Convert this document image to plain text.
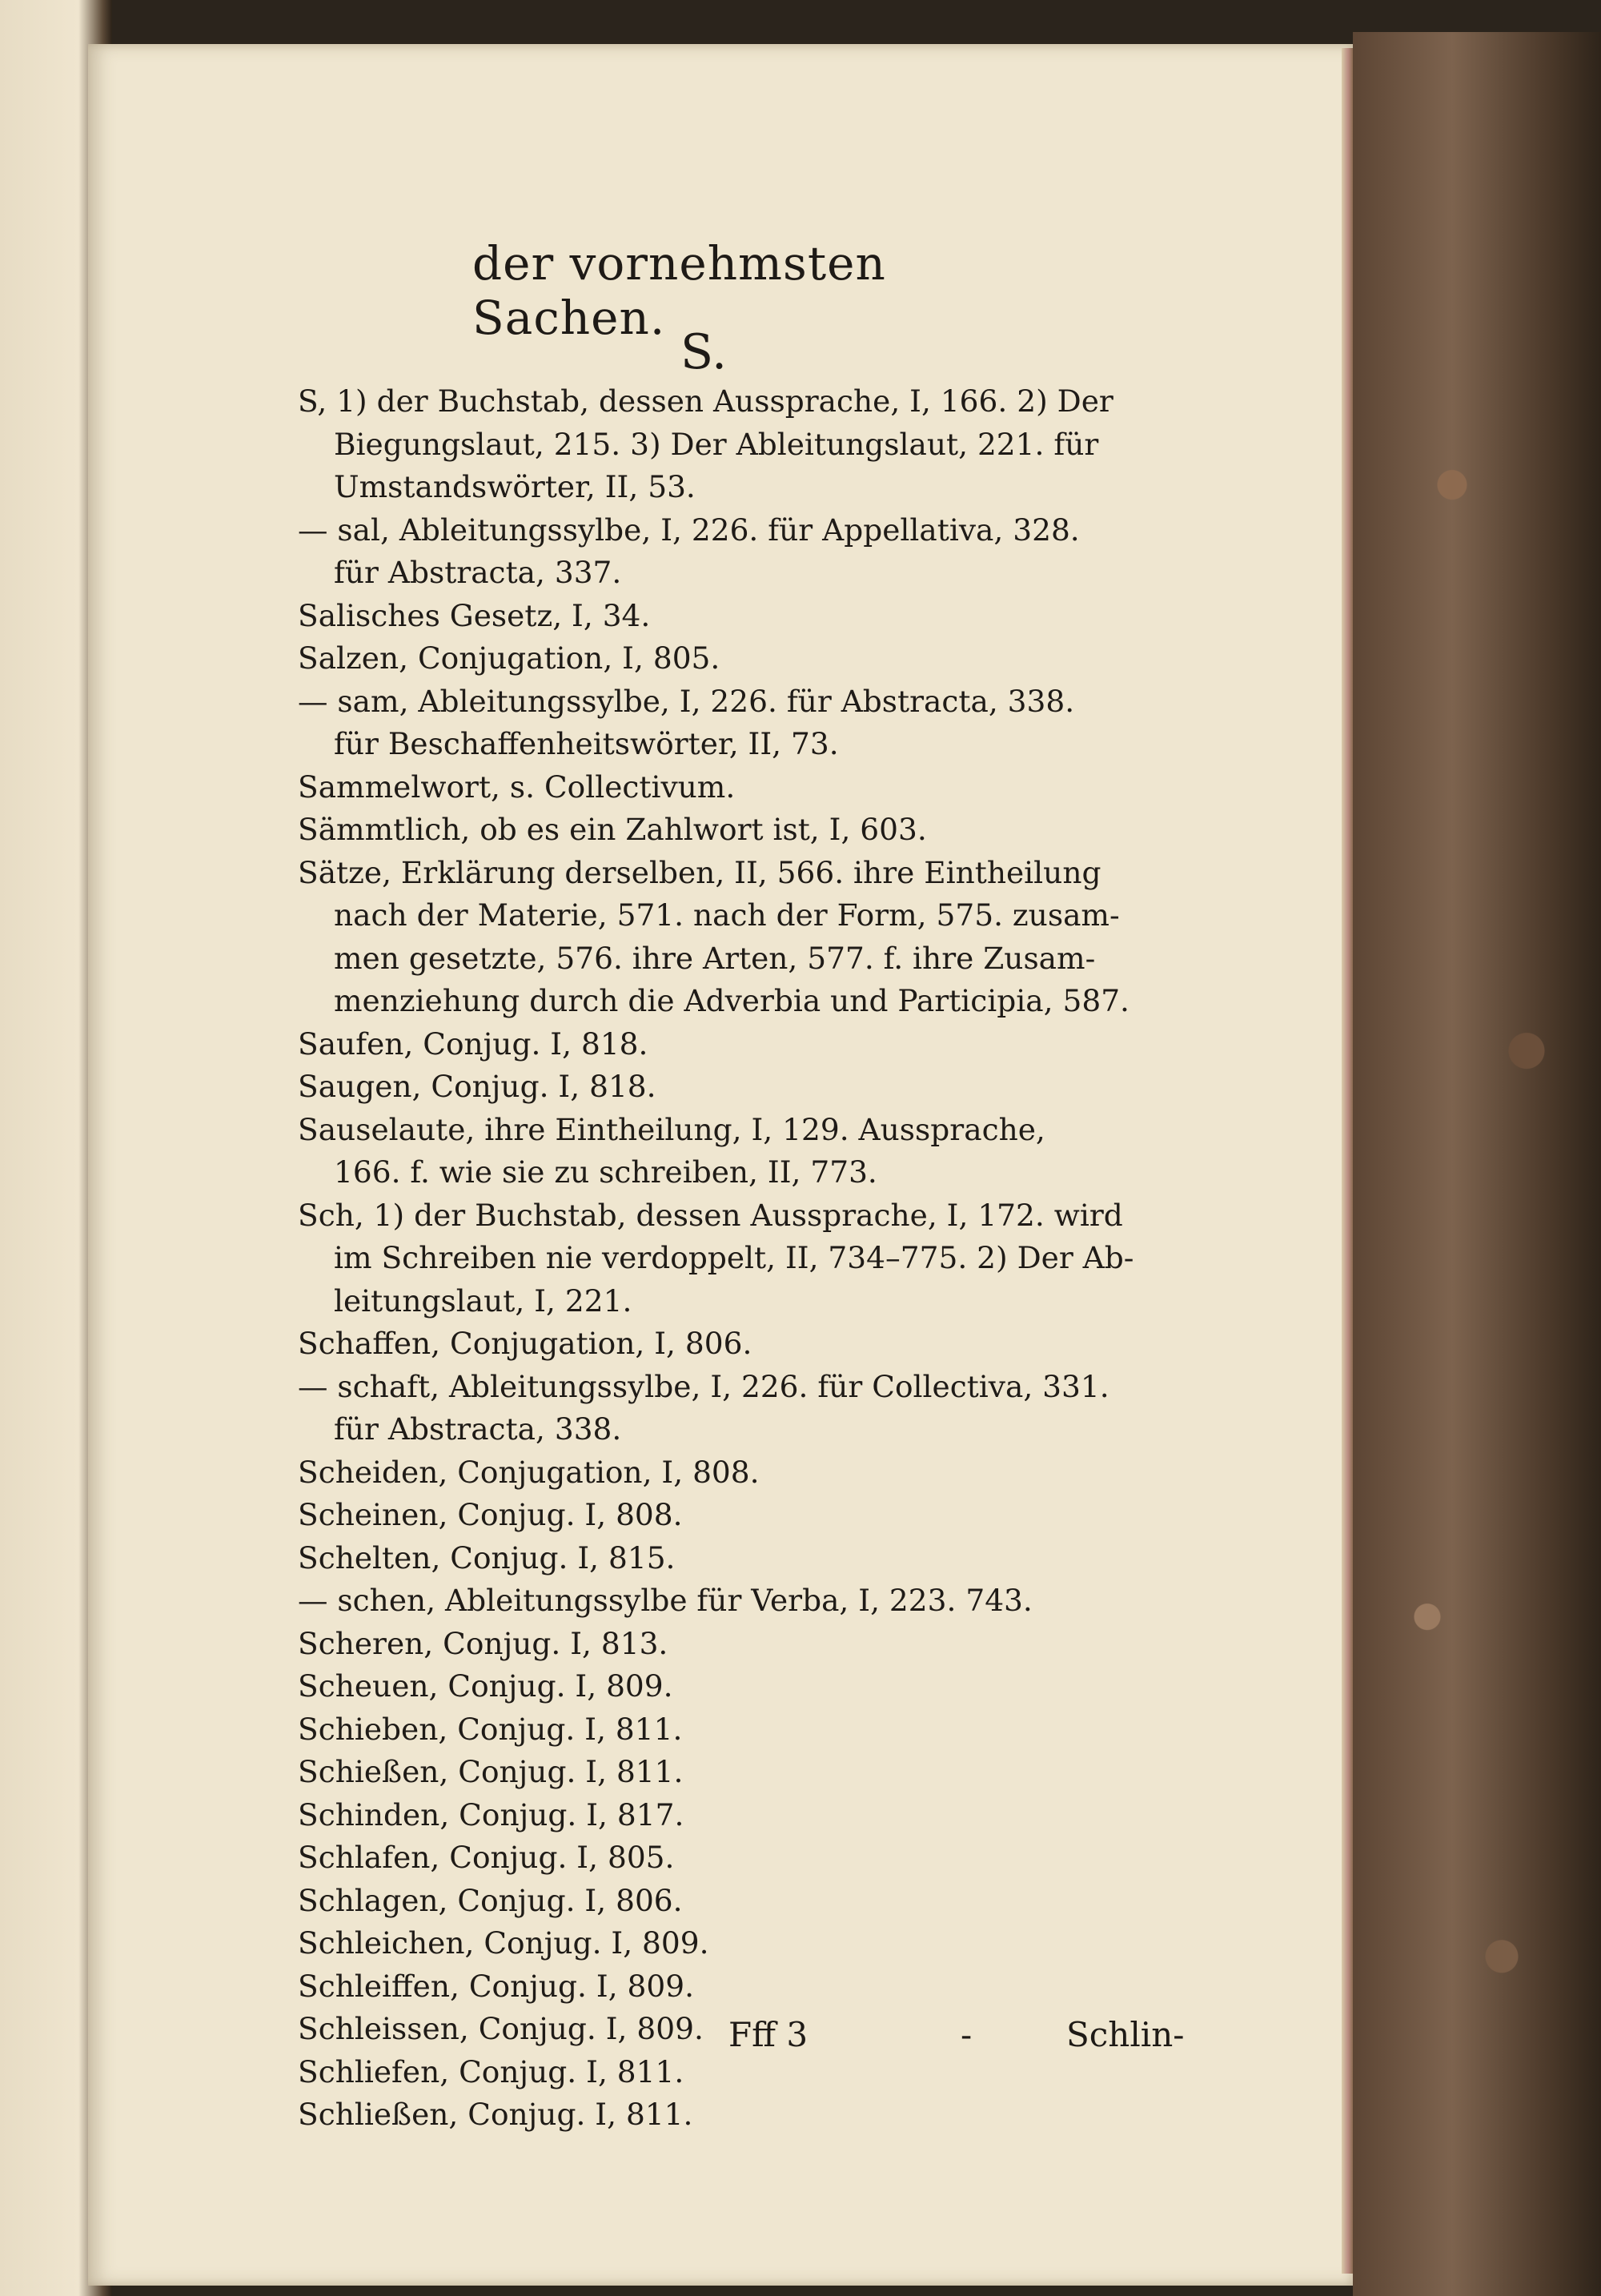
der vornehmsten Sachen.
S.
S, 1) der Buchstab, dessen Aussprache, I, 166. 2) Der
Biegungslaut, 215. 3) Der Ableitungslaut, 221. für
Umstandswörter, II, 53.
— sal, Ableitungssylbe, I, 226. für Appellativa, 328.
für Abstracta, 337.
Salisches Gesetz, I, 34.
Salzen, Conjugation, I, 805.
— sam, Ableitungssylbe, I, 226. für Abstracta, 338.
für Beschaffenheitswörter, II, 73.
Sammelwort, s. Collectivum.
Sämmtlich, ob es ein Zahlwort ist, I, 603.
Sätze, Erklärung derselben, II, 566. ihre Eintheilung
nach der Materie, 571. nach der Form, 575. zusam-
men gesetzte, 576. ihre Arten, 577. f. ihre Zusam-
menziehung durch die Adverbia und Participia, 587.
Saufen, Conjug. I, 818.
Saugen, Conjug. I, 818.
Sauselaute, ihre Eintheilung, I, 129. Aussprache,
166. f. wie sie zu schreiben, II, 773.
Sch, 1) der Buchstab, dessen Aussprache, I, 172. wird
im Schreiben nie verdoppelt, II, 734–775. 2) Der Ab-
leitungslaut, I, 221.
Schaffen, Conjugation, I, 806.
— schaft, Ableitungssylbe, I, 226. für Collectiva, 331.
für Abstracta, 338.
Scheiden, Conjugation, I, 808.
Scheinen, Conjug. I, 808.
Schelten, Conjug. I, 815.
— schen, Ableitungssylbe für Verba, I, 223. 743.
Scheren, Conjug. I, 813.
Scheuen, Conjug. I, 809.
Schieben, Conjug. I, 811.
Schießen, Conjug. I, 811.
Schinden, Conjug. I, 817.
Schlafen, Conjug. I, 805.
Schlagen, Conjug. I, 806.
Schleichen, Conjug. I, 809.
Schleiffen, Conjug. I, 809.
Schleissen, Conjug. I, 809.
Schliefen, Conjug. I, 811.
Schließen, Conjug. I, 811.
Fff 3	-	Schlin-
